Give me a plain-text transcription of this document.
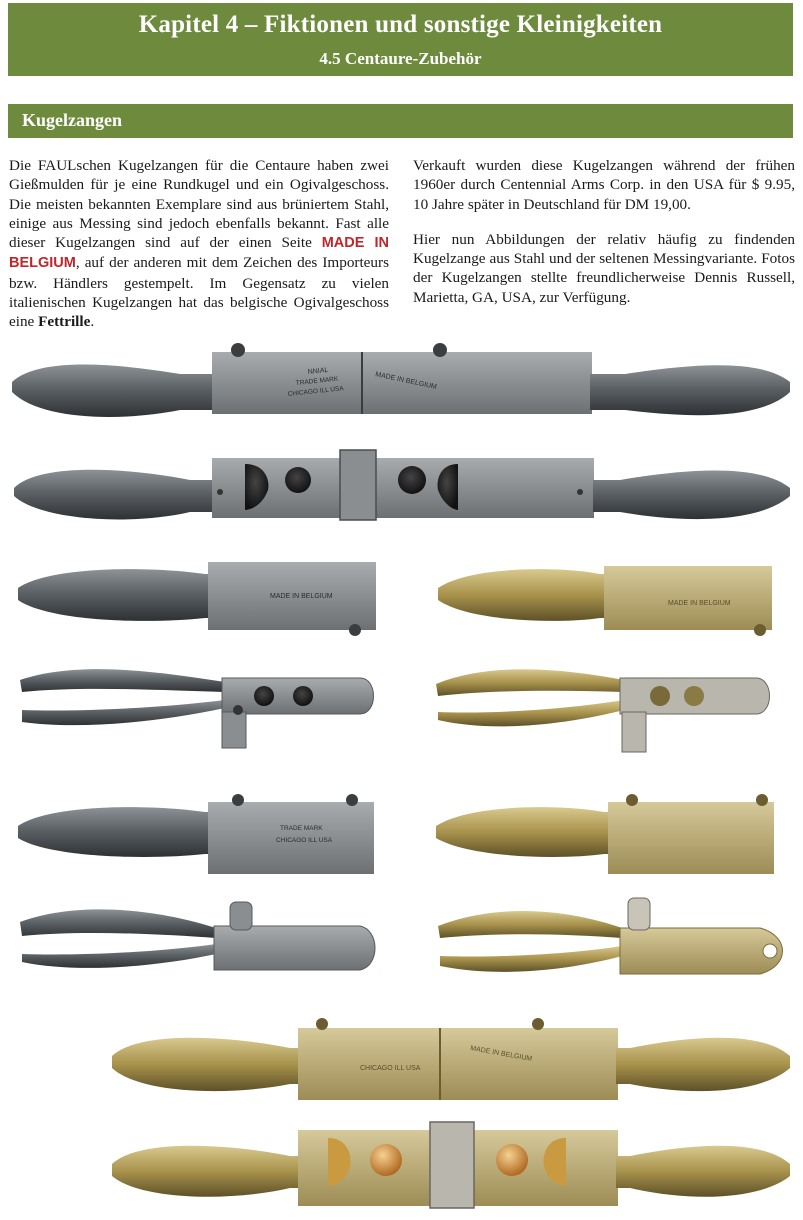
Kapitel 4 – Fiktionen und sonstige Kleinigkeiten
4.5 Centaure-Zubehör
Kugelzangen

Die FAULschen Kugelzangen für die Centaure haben zwei Gießmulden für je eine Rundkugel und ein Ogivalgeschoss. Die meisten bekannten Exemplare sind aus brüniertem Stahl, einige aus Messing sind jedoch ebenfalls bekannt. Fast alle dieser Kugelzangen sind auf der einen Seite MADE IN BELGIUM, auf der anderen mit dem Zeichen des Importeurs bzw. Händlers gestempelt. Im Gegensatz zu vielen italienischen Kugelzangen hat das belgische Ogivalgeschoss eine Fettrille.

Verkauft wurden diese Kugelzangen während der frühen 1960er durch Centennial Arms Corp. in den USA für $ 9.95, 10 Jahre später in Deutschland für DM 19,00.

Hier nun Abbildungen der relativ häufig zu findenden Kugelzange aus Stahl und der seltenen Messingvariante. Fotos der Kugelzangen stellte freundlicherweise Dennis Russell, Marietta, GA, USA, zur Verfügung.

NNIAL
TRADE MARK
CHICAGO ILL USA
MADE IN BELGIUM
MADE IN BELGIUM
MADE IN BELGIUM
TRADE MARK
CHICAGO ILL USA
CHICAGO ILL USA
MADE IN BELGIUM
